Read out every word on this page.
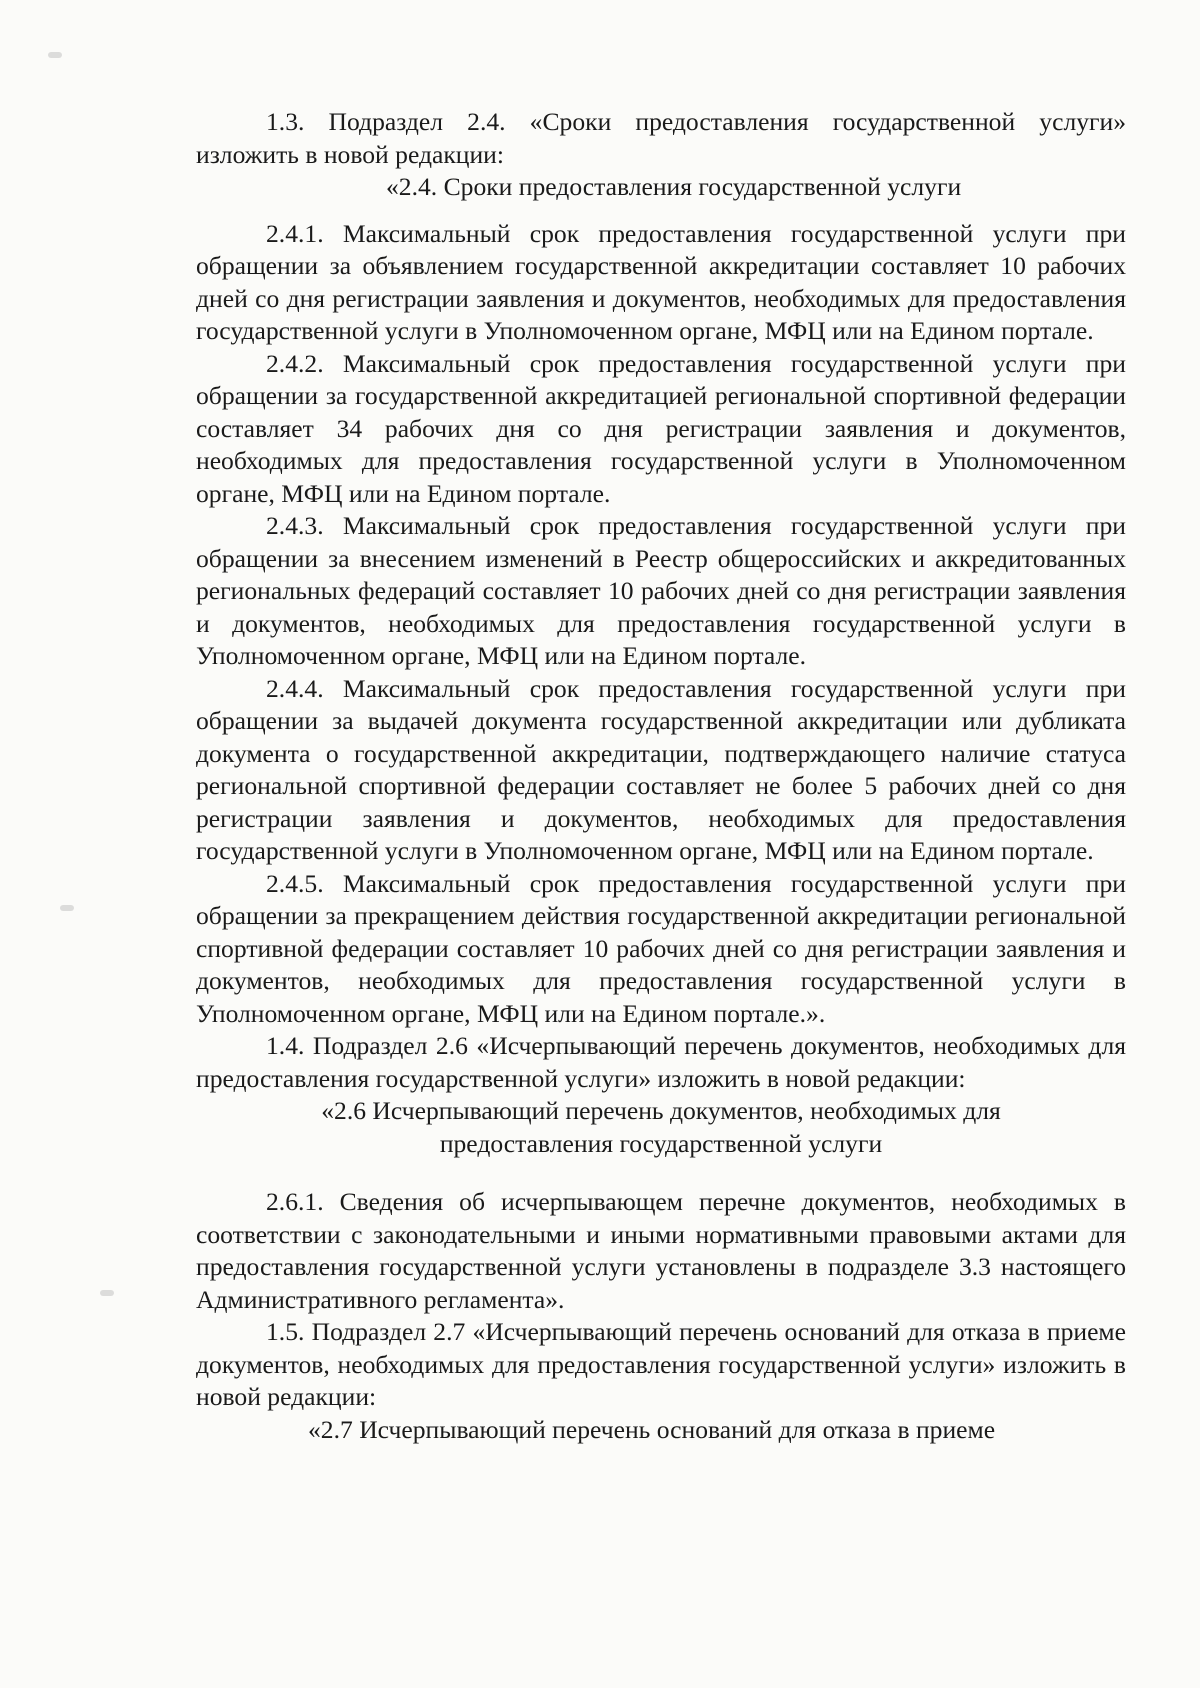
1.3. Подраздел 2.4. «Сроки предоставления государственной услуги» изложить в новой редакции:

«2.4. Сроки предоставления государственной услуги

2.4.1. Максимальный срок предоставления государственной услуги при обращении за объявлением государственной аккредитации составляет 10 рабочих дней со дня регистрации заявления и документов, необходимых для предоставления государственной услуги в Уполномоченном органе, МФЦ или на Едином портале.

2.4.2. Максимальный срок предоставления государственной услуги при обращении за государственной аккредитацией региональной спортивной федерации составляет 34 рабочих дня со дня регистрации заявления и документов, необходимых для предоставления государственной услуги в Уполномоченном органе, МФЦ или на Едином портале.

2.4.3. Максимальный срок предоставления государственной услуги при обращении за внесением изменений в Реестр общероссийских и аккредитованных региональных федераций составляет 10 рабочих дней со дня регистрации заявления и документов, необходимых для предоставления государственной услуги в Уполномоченном органе, МФЦ или на Едином портале.

2.4.4. Максимальный срок предоставления государственной услуги при обращении за выдачей документа государственной аккредитации или дубликата документа о государственной аккредитации, подтверждающего наличие статуса региональной спортивной федерации составляет не более 5 рабочих дней со дня регистрации заявления и документов, необходимых для предоставления государственной услуги в Уполномоченном органе, МФЦ или на Едином портале.

2.4.5. Максимальный срок предоставления государственной услуги при обращении за прекращением действия государственной аккредитации региональной спортивной федерации составляет 10 рабочих дней со дня регистрации заявления и документов, необходимых для предоставления государственной услуги в Уполномоченном органе, МФЦ или на Едином портале.».

1.4. Подраздел 2.6 «Исчерпывающий перечень документов, необходимых для предоставления государственной услуги» изложить в новой редакции:

«2.6 Исчерпывающий перечень документов, необходимых для

предоставления государственной услуги

2.6.1. Сведения об исчерпывающем перечне документов, необходимых в соответствии с законодательными и иными нормативными правовыми актами для предоставления государственной услуги установлены в подразделе 3.3 настоящего Административного регламента».

1.5. Подраздел 2.7 «Исчерпывающий перечень оснований для отказа в приеме документов, необходимых для предоставления государственной услуги» изложить в новой редакции:

«2.7 Исчерпывающий перечень оснований для отказа в приеме
